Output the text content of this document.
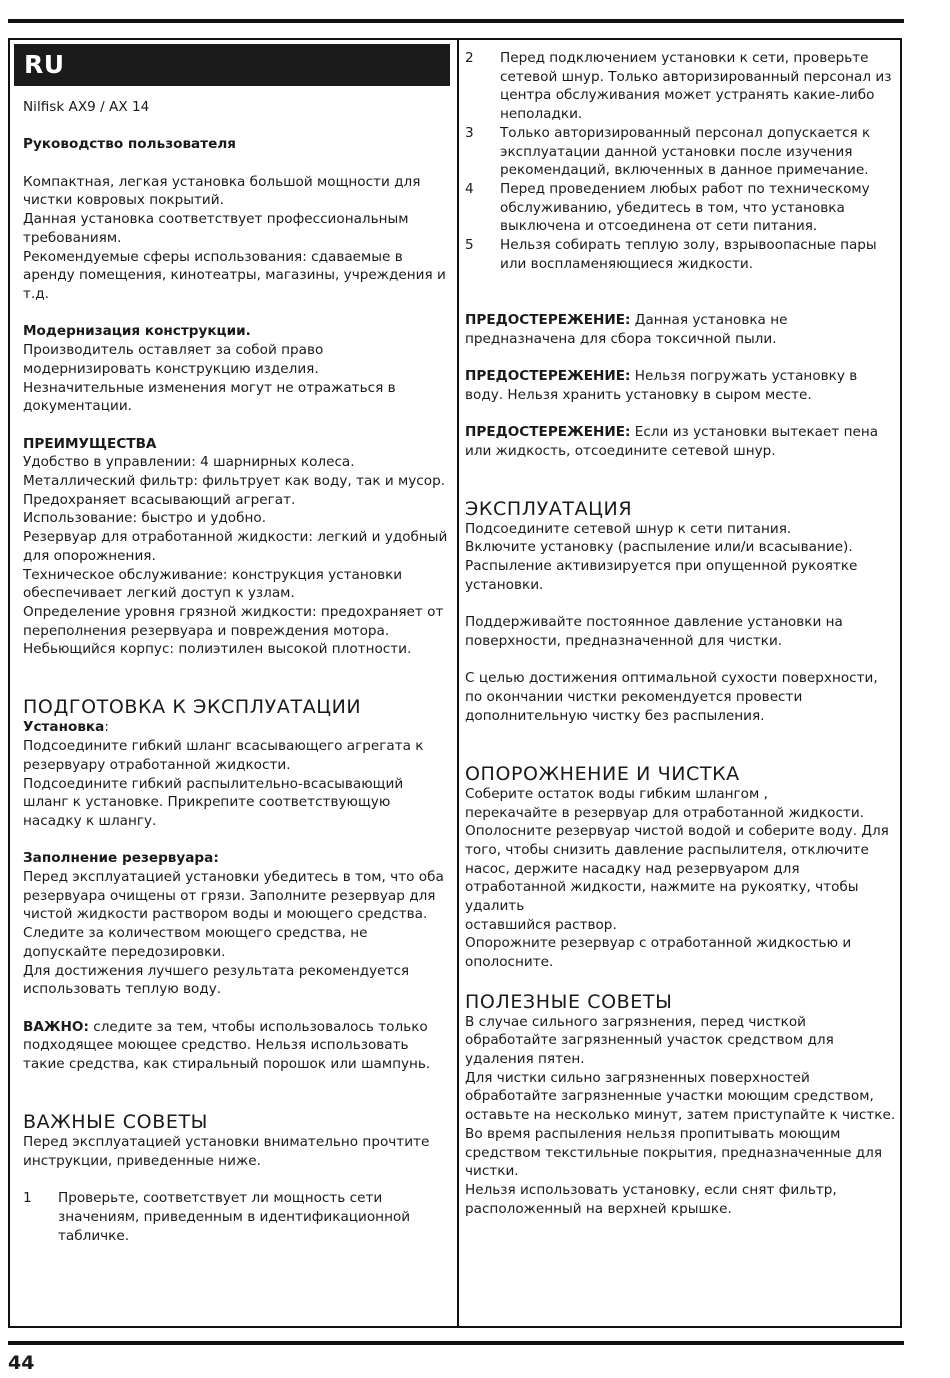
RU

Nilfisk AX9 / AX 14

Руководство пользователя

Компактная, легкая установка большой мощности для чистки ковровых покрытий.

Данная установка соответствует профессиональным требованиям.

Рекомендуемые сферы использования: сдаваемые в аренду помещения, кинотеатры, магазины, учреждения и т.д.

Модернизация конструкции.

Производитель оставляет за собой право модернизировать конструкцию изделия.

Незначительные изменения могут не отражаться в документации.

ПРЕИМУЩЕСТВА

Удобство в управлении: 4 шарнирных колеса.

Металлический фильтр: фильтрует как воду, так и мусор.

Предохраняет всасывающий агрегат.

Использование: быстро и удобно.

Резервуар для отработанной жидкости: легкий и удобный для опорожнения.

Техническое обслуживание: конструкция установки обеспечивает легкий доступ к узлам.

Определение уровня грязной жидкости: предохраняет от переполнения резервуара и повреждения мотора.

Небьющийся корпус: полиэтилен высокой плотности.

ПОДГОТОВКА К ЭКСПЛУАТАЦИИ

Установка:

Подсоедините гибкий шланг всасывающего агрегата к резервуару отработанной жидкости.

Подсоедините гибкий распылительно-всасывающий шланг к установке. Прикрепите соответствующую насадку к шлангу.

Заполнение резервуара:

Перед эксплуатацией установки убедитесь в том, что оба резервуара очищены от грязи. Заполните резервуар для чистой жидкости раствором воды и моющего средства.

Следите за количеством моющего средства, не допускайте передозировки.

Для достижения лучшего результата рекомендуется использовать теплую воду.

ВАЖНО: следите за тем, чтобы использовалось только подходящее моющее средство. Нельзя использовать такие средства, как стиральный порошок или шампунь.

ВАЖНЫЕ СОВЕТЫ

Перед эксплуатацией установки внимательно прочтите инструкции, приведенные ниже.

1	Проверьте, соответствует ли мощность сети значениям, приведенным в идентификационной табличке.
2	Перед подключением установки к сети, проверьте сетевой шнур. Только авторизированный персонал из центра обслуживания может устранять какие-либо неполадки.
3	Только авторизированный персонал допускается к эксплуатации данной установки после изучения рекомендаций, включенных в данное примечание.
4	Перед проведением любых работ по техническому обслуживанию, убедитесь в том, что установка выключена и отсоединена от сети питания.
5	Нельзя собирать теплую золу, взрывоопасные пары или воспламеняющиеся жидкости.

ПРЕДОСТЕРЕЖЕНИЕ: Данная установка не предназначена для сбора токсичной пыли.

ПРЕДОСТЕРЕЖЕНИЕ: Нельзя погружать установку в воду. Нельзя хранить установку в сыром месте.

ПРЕДОСТЕРЕЖЕНИЕ: Если из установки вытекает пена или жидкость, отсоедините сетевой шнур.

ЭКСПЛУАТАЦИЯ

Подсоедините сетевой шнур к сети питания.

Включите установку (распыление или/и всасывание).

Распыление активизируется при опущенной рукоятке установки.

Поддерживайте постоянное давление установки на поверхности, предназначенной для чистки.

С целью достижения оптимальной сухости поверхности, по окончании чистки рекомендуется провести дополнительную чистку без распыления.

ОПОРОЖНЕНИЕ И ЧИСТКА

Соберите остаток воды гибким шлангом ,

перекачайте в резервуар для отработанной жидкости. Ополосните резервуар чистой водой и соберите воду. Для того, чтобы снизить давление распылителя, отключите насос, держите насадку над резервуаром для отработанной жидкости, нажмите на рукоятку, чтобы удалить

оставшийся раствор.

Опорожните резервуар с отработанной жидкостью и ополосните.

ПОЛЕЗНЫЕ СОВЕТЫ

В случае сильного загрязнения, перед чисткой обработайте загрязненный участок средством для удаления пятен.

Для чистки сильно загрязненных поверхностей обработайте загрязненные участки моющим средством, оставьте на несколько минут, затем приступайте к чистке.

Во время распыления нельзя пропитывать моющим средством текстильные покрытия, предназначенные для чистки.

Нельзя использовать установку, если снят фильтр, расположенный на верхней крышке.

44
